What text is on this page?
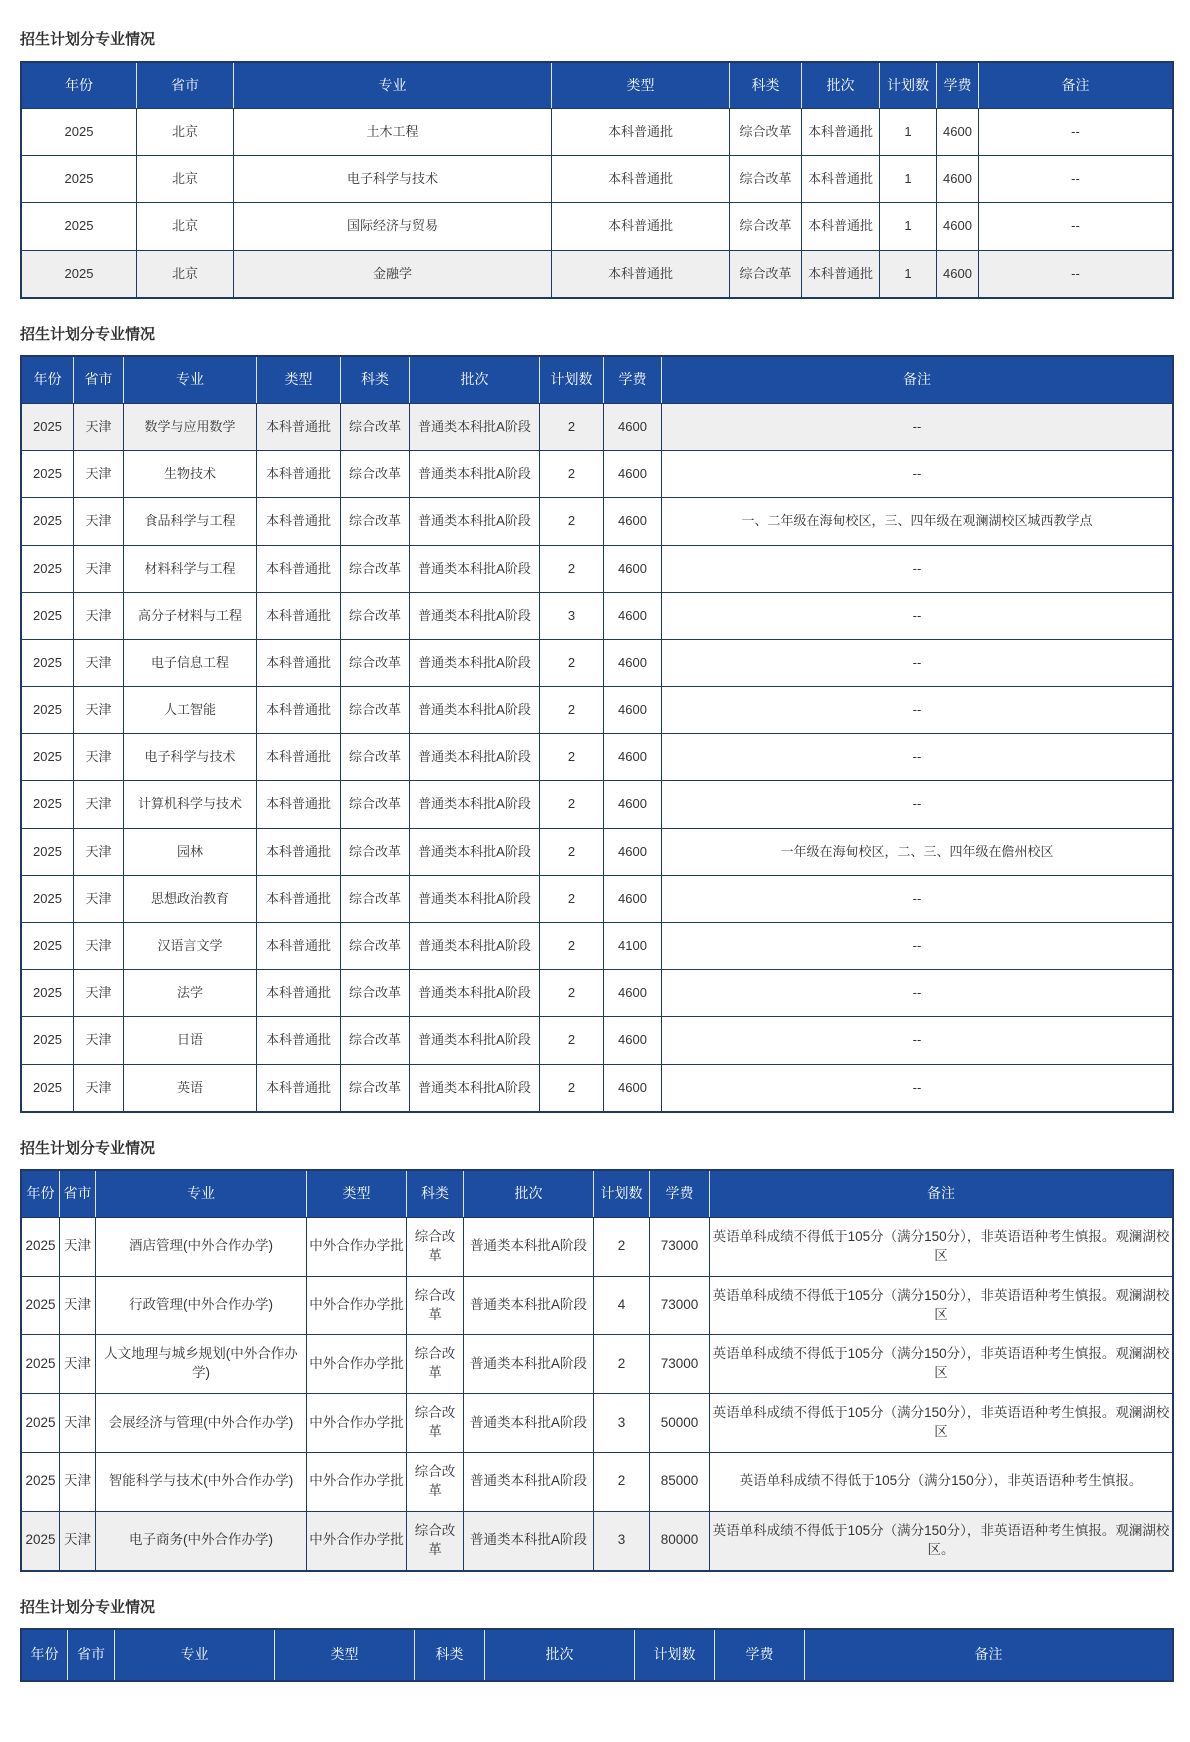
招生计划分专业情况
年份	省市	专业	类型	科类	批次	计划数	学费	备注
2025	北京	土木工程	本科普通批	综合改革	本科普通批	1	4600	--
2025	北京	电子科学与技术	本科普通批	综合改革	本科普通批	1	4600	--
2025	北京	国际经济与贸易	本科普通批	综合改革	本科普通批	1	4600	--
2025	北京	金融学	本科普通批	综合改革	本科普通批	1	4600	--
招生计划分专业情况
年份	省市	专业	类型	科类	批次	计划数	学费	备注
2025	天津	数学与应用数学	本科普通批	综合改革	普通类本科批A阶段	2	4600	--
2025	天津	生物技术	本科普通批	综合改革	普通类本科批A阶段	2	4600	--
2025	天津	食品科学与工程	本科普通批	综合改革	普通类本科批A阶段	2	4600	一、二年级在海甸校区，三、四年级在观澜湖校区城西教学点
2025	天津	材料科学与工程	本科普通批	综合改革	普通类本科批A阶段	2	4600	--
2025	天津	高分子材料与工程	本科普通批	综合改革	普通类本科批A阶段	3	4600	--
2025	天津	电子信息工程	本科普通批	综合改革	普通类本科批A阶段	2	4600	--
2025	天津	人工智能	本科普通批	综合改革	普通类本科批A阶段	2	4600	--
2025	天津	电子科学与技术	本科普通批	综合改革	普通类本科批A阶段	2	4600	--
2025	天津	计算机科学与技术	本科普通批	综合改革	普通类本科批A阶段	2	4600	--
2025	天津	园林	本科普通批	综合改革	普通类本科批A阶段	2	4600	一年级在海甸校区，二、三、四年级在儋州校区
2025	天津	思想政治教育	本科普通批	综合改革	普通类本科批A阶段	2	4600	--
2025	天津	汉语言文学	本科普通批	综合改革	普通类本科批A阶段	2	4100	--
2025	天津	法学	本科普通批	综合改革	普通类本科批A阶段	2	4600	--
2025	天津	日语	本科普通批	综合改革	普通类本科批A阶段	2	4600	--
2025	天津	英语	本科普通批	综合改革	普通类本科批A阶段	2	4600	--
招生计划分专业情况
年份	省市	专业	类型	科类	批次	计划数	学费	备注
2025	天津	酒店管理(中外合作办学)	中外合作办学批	综合改革	普通类本科批A阶段	2	73000	英语单科成绩不得低于105分（满分150分），非英语语种考生慎报。观澜湖校区
2025	天津	行政管理(中外合作办学)	中外合作办学批	综合改革	普通类本科批A阶段	4	73000	英语单科成绩不得低于105分（满分150分），非英语语种考生慎报。观澜湖校区
2025	天津	人文地理与城乡规划(中外合作办学)	中外合作办学批	综合改革	普通类本科批A阶段	2	73000	英语单科成绩不得低于105分（满分150分），非英语语种考生慎报。观澜湖校区
2025	天津	会展经济与管理(中外合作办学)	中外合作办学批	综合改革	普通类本科批A阶段	3	50000	英语单科成绩不得低于105分（满分150分），非英语语种考生慎报。观澜湖校区
2025	天津	智能科学与技术(中外合作办学)	中外合作办学批	综合改革	普通类本科批A阶段	2	85000	英语单科成绩不得低于105分（满分150分），非英语语种考生慎报。
2025	天津	电子商务(中外合作办学)	中外合作办学批	综合改革	普通类本科批A阶段	3	80000	英语单科成绩不得低于105分（满分150分），非英语语种考生慎报。观澜湖校区。
招生计划分专业情况
年份	省市	专业	类型	科类	批次	计划数	学费	备注
